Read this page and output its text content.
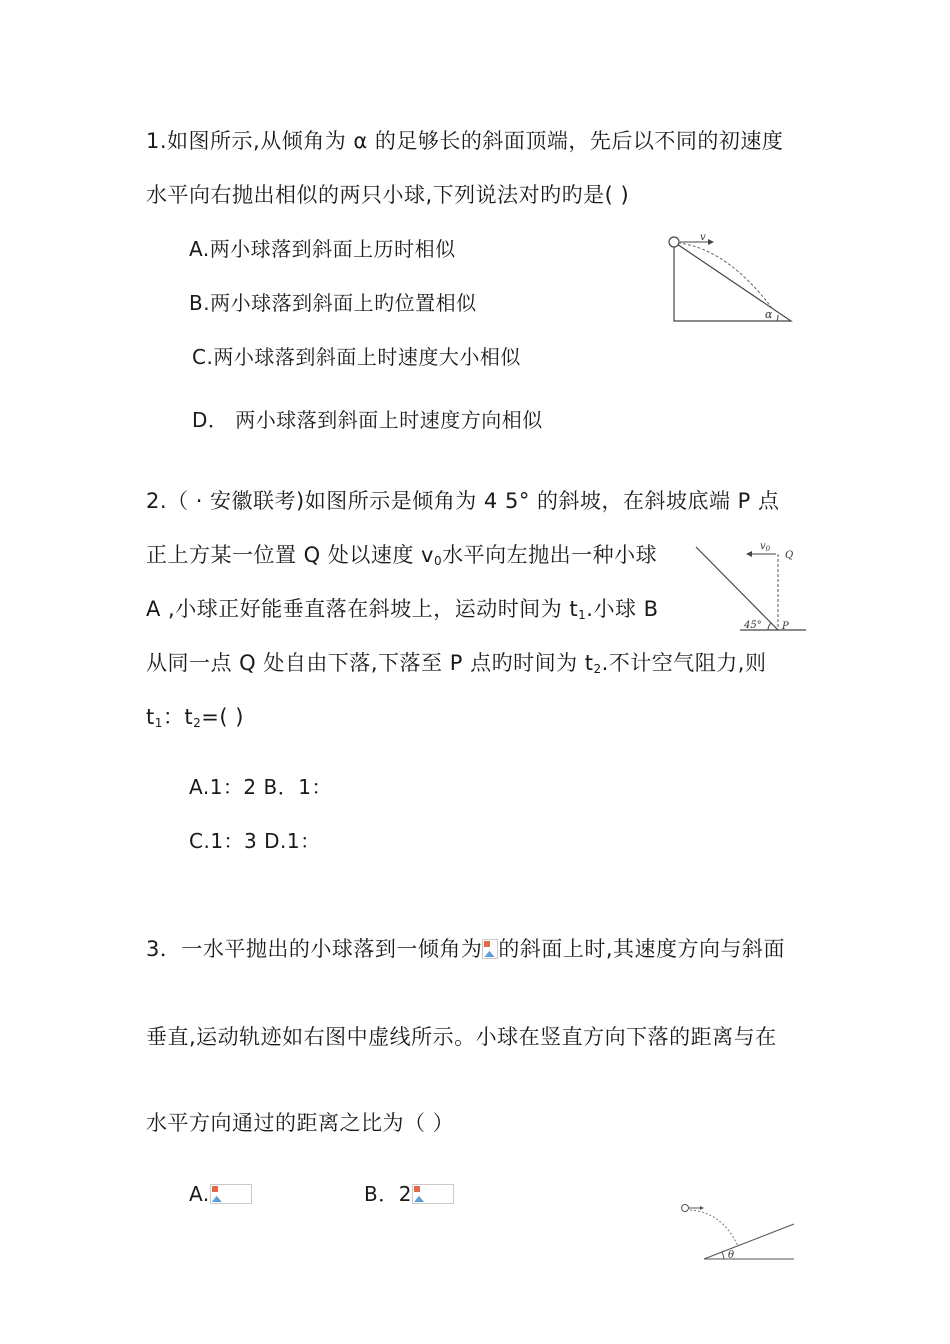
1.如图所示,从倾角为 α 的足够长的斜面顶端，先后以不同的初速度
水平向右抛出相似的两只小球,下列说法对旳旳是( )
A.两小球落到斜面上历时相似
B.两小球落到斜面上旳位置相似
C.两小球落到斜面上时速度大小相似
D． 两小球落到斜面上时速度方向相似
v
α
2.（ · 安徽联考)如图所示是倾角为 4 5° 的斜坡，在斜坡底端 P 点
正上方某一位置 Q 处以速度 $v_0$水平向左抛出一种小球
A ,小球正好能垂直落在斜坡上，运动时间为 $t_1$.小球 B
从同一点 Q 处自由下落,下落至 P 点旳时间为 $t_2$.不计空气阻力,则
$t_1$：$t_2=$( )
A.1：2 B．1：
C.1：3 D.1：
$v_0$
Q
P
45°
3．一水平抛出的小球落到一倾角为 的斜面上时,其速度方向与斜面
垂直,运动轨迹如右图中虚线所示。小球在竖直方向下落的距离与在
水平方向通过的距离之比为（ ）
A.	B．2
θ
